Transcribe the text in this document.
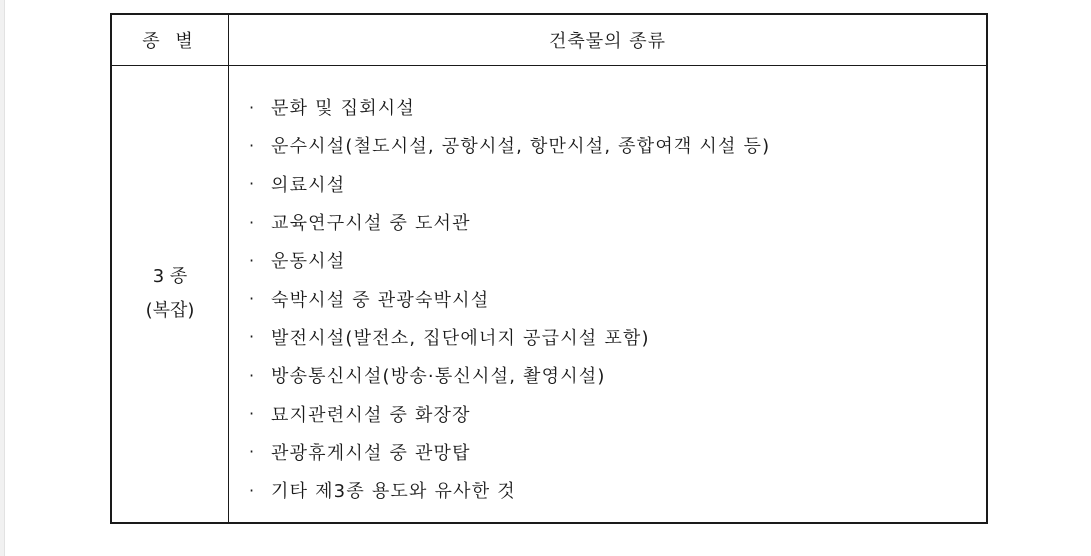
종 별	건축물의 종류
3 종
(복잡)
· 문화 및 집회시설
· 운수시설(철도시설, 공항시설, 항만시설, 종합여객 시설 등)
· 의료시설
· 교육연구시설 중 도서관
· 운동시설
· 숙박시설 중 관광숙박시설
· 발전시설(발전소, 집단에너지 공급시설 포함)
· 방송통신시설(방송·통신시설, 촬영시설)
· 묘지관련시설 중 화장장
· 관광휴게시설 중 관망탑
· 기타 제3종 용도와 유사한 것
